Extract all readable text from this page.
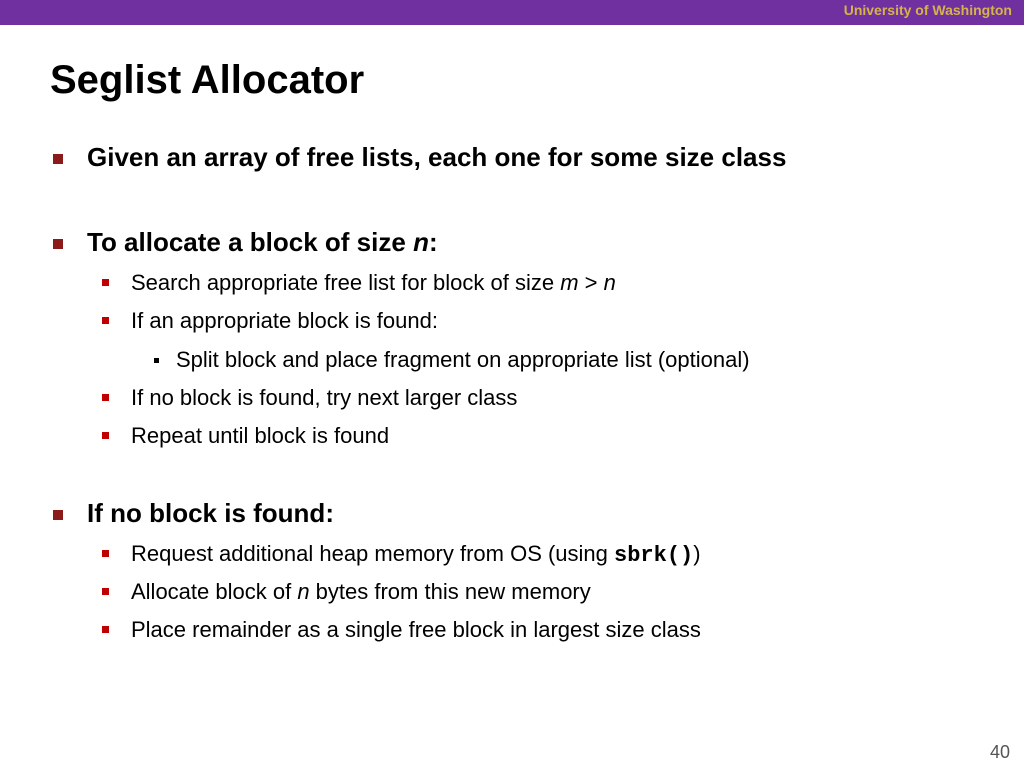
University of Washington
Seglist Allocator
Given an array of free lists, each one for some size class
To allocate a block of size n:
Search appropriate free list for block of size m > n
If an appropriate block is found:
Split block and place fragment on appropriate list (optional)
If no block is found, try next larger class
Repeat until block is found
If no block is found:
Request additional heap memory from OS (using sbrk())
Allocate block of n bytes from this new memory
Place remainder as a single free block in largest size class
40
